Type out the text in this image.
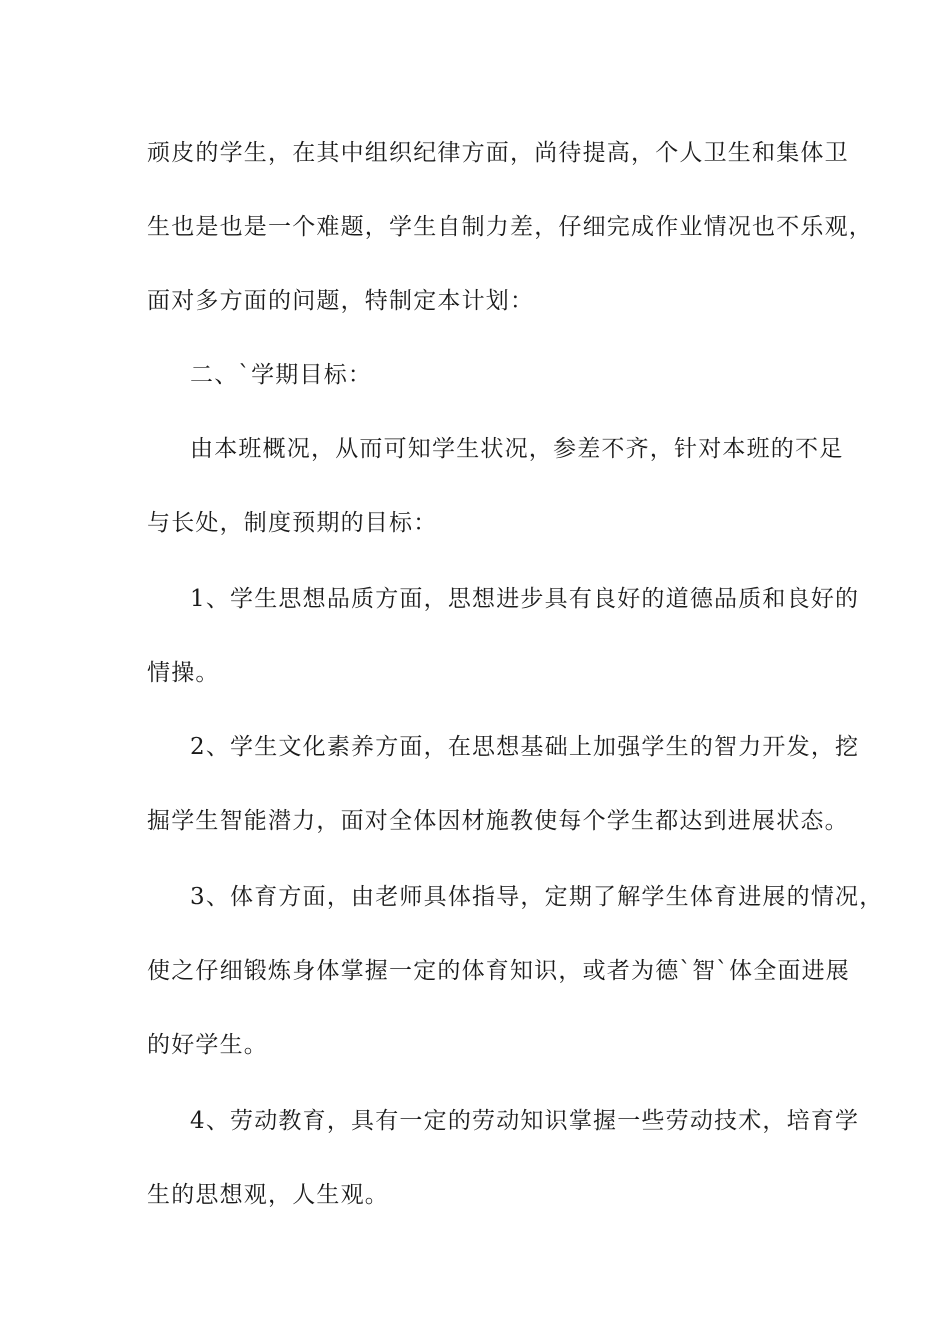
顽皮的学生，在其中组织纪律方面，尚待提高，个人卫生和集体卫
生也是也是一个难题，学生自制力差，仔细完成作业情况也不乐观，
面对多方面的问题，特制定本计划：
二、`学期目标：
由本班概况，从而可知学生状况，参差不齐，针对本班的不足
与长处，制度预期的目标：
1、学生思想品质方面，思想进步具有良好的道德品质和良好的
情操。
2、学生文化素养方面，在思想基础上加强学生的智力开发，挖
掘学生智能潜力，面对全体因材施教使每个学生都达到进展状态。
3、体育方面，由老师具体指导，定期了解学生体育进展的情况，
使之仔细锻炼身体掌握一定的体育知识，或者为德`智`体全面进展
的好学生。
4、劳动教育，具有一定的劳动知识掌握一些劳动技术，培育学
生的思想观，人生观。
